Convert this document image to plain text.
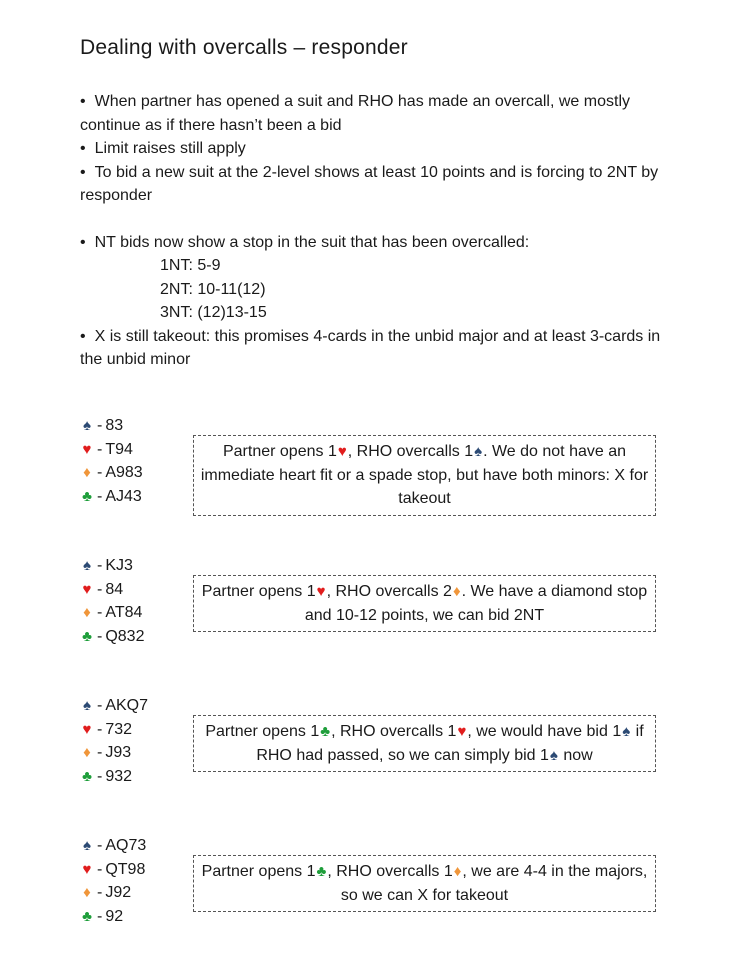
Dealing with overcalls – responder

• When partner has opened a suit and RHO has made an overcall, we mostly continue as if there hasn’t been a bid

• Limit raises still apply

• To bid a new suit at the 2-level shows at least 10 points and is forcing to 2NT by responder

• NT bids now show a stop in the suit that has been overcalled:

1NT: 5-9

2NT: 10-11(12)

3NT: (12)13-15

• X is still takeout: this promises 4-cards in the unbid major and at least 3-cards in the unbid minor

♠ - 83
♥ - T94
♦ - A983
♣ - AJ43
Partner opens 1♥, RHO overcalls 1♠. We do not have an immediate heart fit or a spade stop, but have both minors: X for takeout
♠ - KJ3
♥ - 84
♦ - AT84
♣ - Q832
Partner opens 1♥, RHO overcalls 2♦. We have a diamond stop and 10-12 points, we can bid 2NT
♠ - AKQ7
♥ - 732
♦ - J93
♣ - 932
Partner opens 1♣, RHO overcalls 1♥, we would have bid 1♠ if RHO had passed, so we can simply bid 1♠ now
♠ - AQ73
♥ - QT98
♦ - J92
♣ - 92
Partner opens 1♣, RHO overcalls 1♦, we are 4-4 in the majors, so we can X for takeout
